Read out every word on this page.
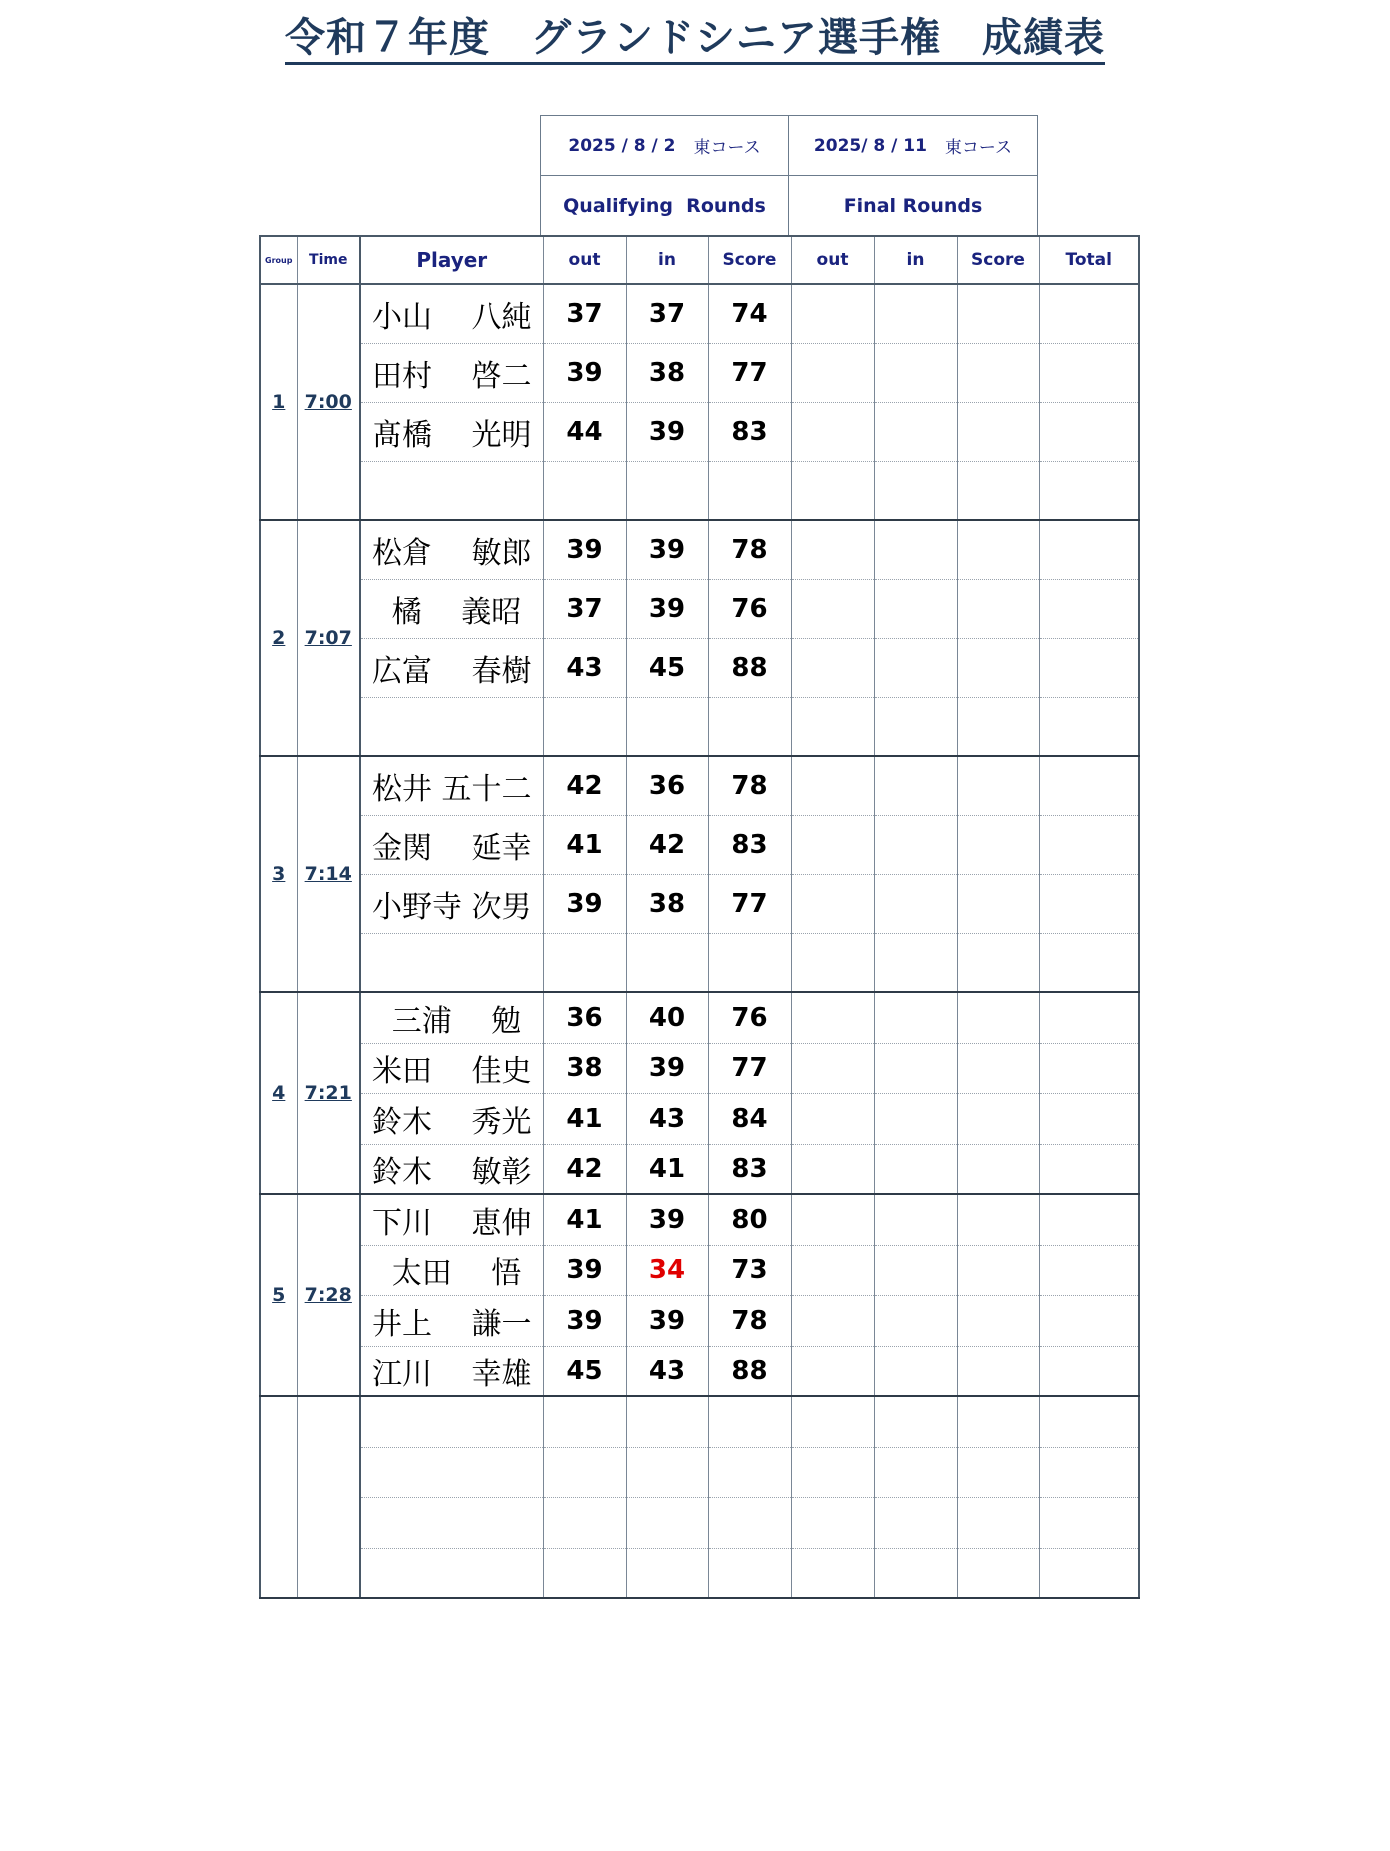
令和７年度　グランドシニア選手権　成績表
2025 / 8 / 2 東コース	2025/ 8 / 11 東コース
Qualifying  Rounds	Final Rounds
Group	Time	Player	out	in	Score	out	in	Score	Total
1	7:00	小山　 八純	37	37	74				
		田村　 啓二	39	38	77				
		髙橋　 光明	44	39	83				

2	7:07	松倉　 敏郎	39	39	78				
		橘 　義昭	37	39	76				
		広富　 春樹	43	45	88				

3	7:14	松井 五十二	42	36	78				
		金関　 延幸	41	42	83				
		小野寺 次男	39	38	77				

4	7:21	三浦　 勉	36	40	76				
		米田　 佳史	38	39	77				
		鈴木　 秀光	41	43	84				
		鈴木　 敏彰	42	41	83				
5	7:28	下川　 恵伸	41	39	80				
		太田　 悟	39	34	73				
		井上　 謙一	39	39	78				
		江川　 幸雄	45	43	88				
